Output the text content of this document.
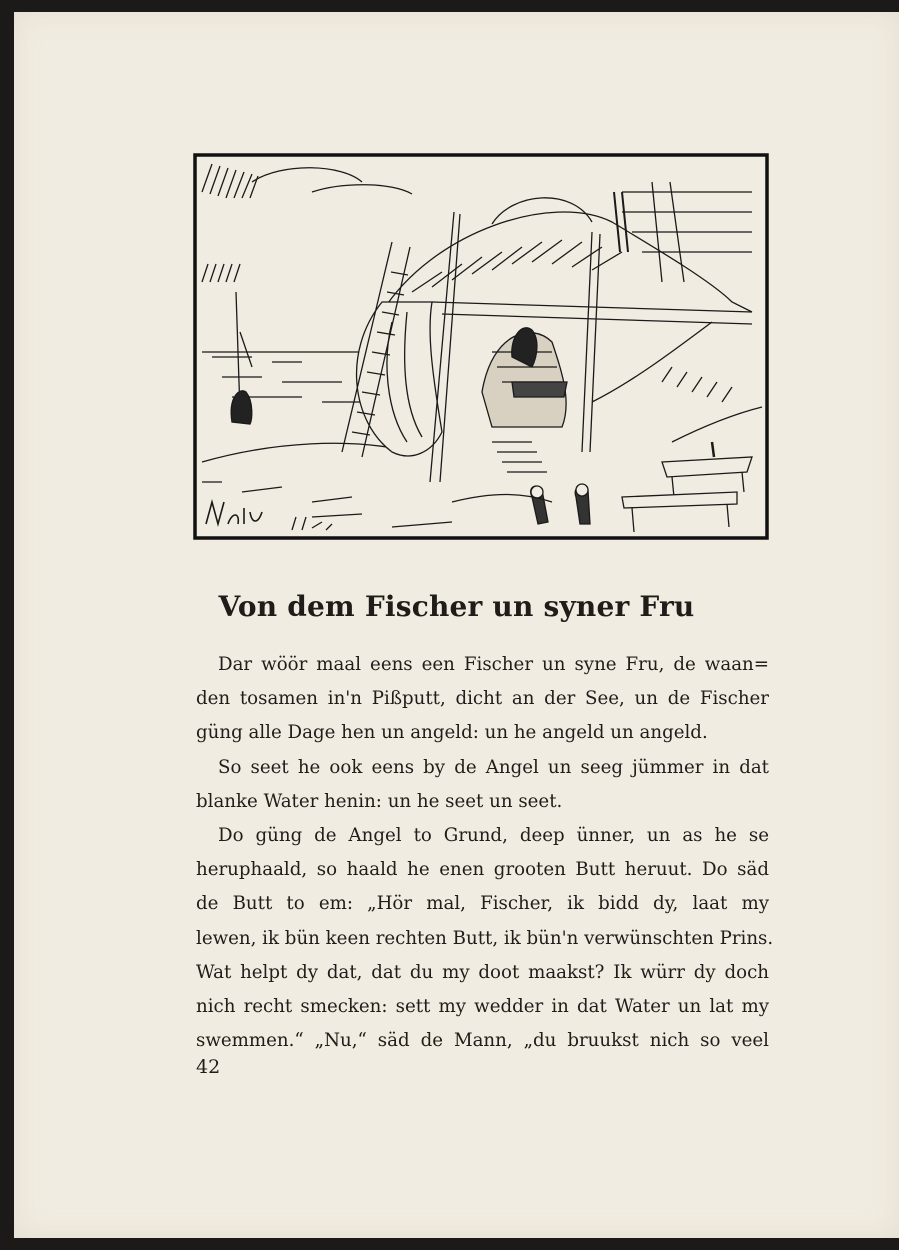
Von dem Fischer un syner Fru

Dar wöör maal eens een Fischer un syne Fru, de waan=
den tosamen in'n Pißputt, dicht an der See, un de Fischer
güng alle Dage hen un angeld: un he angeld un angeld.

So seet he ook eens by de Angel un seeg jümmer in dat
blanke Water henin: un he seet un seet.

Do güng de Angel to Grund, deep ünner, un as he se
heruphaald, so haald he enen grooten Butt heruut. Do säd
de Butt to em: „Hör mal, Fischer, ik bidd dy, laat my
lewen, ik bün keen rechten Butt, ik bün'n verwünschten Prins.
Wat helpt dy dat, dat du my doot maakst? Ik würr dy doch
nich recht smecken: sett my wedder in dat Water un lat my
swemmen.“ „Nu,“ säd de Mann, „du bruukst nich so veel

42
